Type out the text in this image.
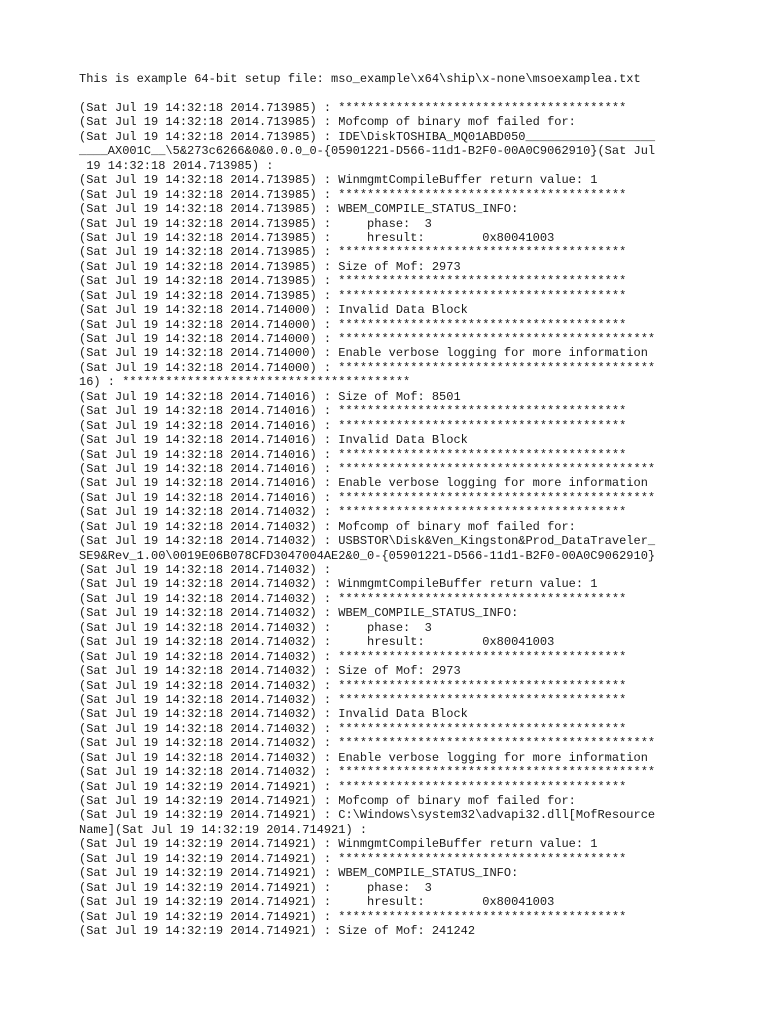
This is example 64-bit setup file: mso_example\x64\ship\x-none\msoexamplea.txt
(Sat Jul 19 14:32:18 2014.713985) : ****************************************
(Sat Jul 19 14:32:18 2014.713985) : Mofcomp of binary mof failed for:
(Sat Jul 19 14:32:18 2014.713985) : IDE\DiskTOSHIBA_MQ01ABD050__________________
____AX001C__\5&273c6266&0&0.0.0_0-{05901221-D566-11d1-B2F0-00A0C9062910}(Sat Jul
19 14:32:18 2014.713985) :
(Sat Jul 19 14:32:18 2014.713985) : WinmgmtCompileBuffer return value: 1
(Sat Jul 19 14:32:18 2014.713985) : ****************************************
(Sat Jul 19 14:32:18 2014.713985) : WBEM_COMPILE_STATUS_INFO:
(Sat Jul 19 14:32:18 2014.713985) :     phase:  3
(Sat Jul 19 14:32:18 2014.713985) :     hresult:        0x80041003
(Sat Jul 19 14:32:18 2014.713985) : ****************************************
(Sat Jul 19 14:32:18 2014.713985) : Size of Mof: 2973
(Sat Jul 19 14:32:18 2014.713985) : ****************************************
(Sat Jul 19 14:32:18 2014.713985) : ****************************************
(Sat Jul 19 14:32:18 2014.714000) : Invalid Data Block
(Sat Jul 19 14:32:18 2014.714000) : ****************************************
(Sat Jul 19 14:32:18 2014.714000) : ********************************************
(Sat Jul 19 14:32:18 2014.714000) : Enable verbose logging for more information
(Sat Jul 19 14:32:18 2014.714000) : ********************************************
16) : ****************************************
(Sat Jul 19 14:32:18 2014.714016) : Size of Mof: 8501
(Sat Jul 19 14:32:18 2014.714016) : ****************************************
(Sat Jul 19 14:32:18 2014.714016) : ****************************************
(Sat Jul 19 14:32:18 2014.714016) : Invalid Data Block
(Sat Jul 19 14:32:18 2014.714016) : ****************************************
(Sat Jul 19 14:32:18 2014.714016) : ********************************************
(Sat Jul 19 14:32:18 2014.714016) : Enable verbose logging for more information
(Sat Jul 19 14:32:18 2014.714016) : ********************************************
(Sat Jul 19 14:32:18 2014.714032) : ****************************************
(Sat Jul 19 14:32:18 2014.714032) : Mofcomp of binary mof failed for:
(Sat Jul 19 14:32:18 2014.714032) : USBSTOR\Disk&Ven_Kingston&Prod_DataTraveler_
SE9&Rev_1.00\0019E06B078CFD3047004AE2&0_0-{05901221-D566-11d1-B2F0-00A0C9062910}
(Sat Jul 19 14:32:18 2014.714032) :
(Sat Jul 19 14:32:18 2014.714032) : WinmgmtCompileBuffer return value: 1
(Sat Jul 19 14:32:18 2014.714032) : ****************************************
(Sat Jul 19 14:32:18 2014.714032) : WBEM_COMPILE_STATUS_INFO:
(Sat Jul 19 14:32:18 2014.714032) :     phase:  3
(Sat Jul 19 14:32:18 2014.714032) :     hresult:        0x80041003
(Sat Jul 19 14:32:18 2014.714032) : ****************************************
(Sat Jul 19 14:32:18 2014.714032) : Size of Mof: 2973
(Sat Jul 19 14:32:18 2014.714032) : ****************************************
(Sat Jul 19 14:32:18 2014.714032) : ****************************************
(Sat Jul 19 14:32:18 2014.714032) : Invalid Data Block
(Sat Jul 19 14:32:18 2014.714032) : ****************************************
(Sat Jul 19 14:32:18 2014.714032) : ********************************************
(Sat Jul 19 14:32:18 2014.714032) : Enable verbose logging for more information
(Sat Jul 19 14:32:18 2014.714032) : ********************************************
(Sat Jul 19 14:32:19 2014.714921) : ****************************************
(Sat Jul 19 14:32:19 2014.714921) : Mofcomp of binary mof failed for:
(Sat Jul 19 14:32:19 2014.714921) : C:\Windows\system32\advapi32.dll[MofResource
Name](Sat Jul 19 14:32:19 2014.714921) :
(Sat Jul 19 14:32:19 2014.714921) : WinmgmtCompileBuffer return value: 1
(Sat Jul 19 14:32:19 2014.714921) : ****************************************
(Sat Jul 19 14:32:19 2014.714921) : WBEM_COMPILE_STATUS_INFO:
(Sat Jul 19 14:32:19 2014.714921) :     phase:  3
(Sat Jul 19 14:32:19 2014.714921) :     hresult:        0x80041003
(Sat Jul 19 14:32:19 2014.714921) : ****************************************
(Sat Jul 19 14:32:19 2014.714921) : Size of Mof: 241242
